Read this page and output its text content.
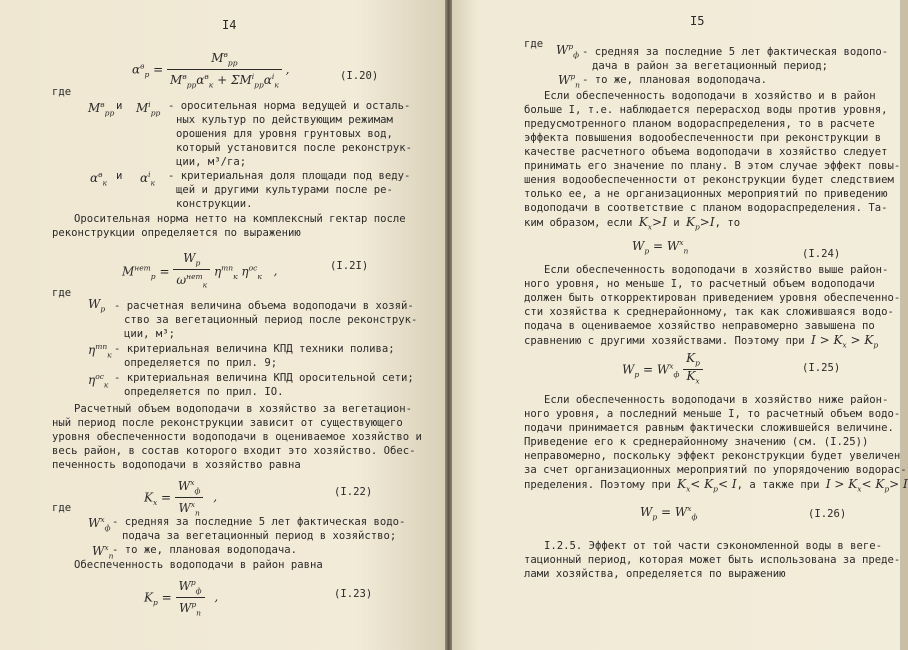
I4
$\alpha^в_р = \frac{M^в_{рр}}{M^в_{рр}\alpha^в_к + \Sigma M^i_{рр}\alpha^i_к}$ ,	(I.20)
где
$M^в_{рр}$
и $M^i_{рр}$
- оросительная норма ведущей и осталь-
ных культур по действующим режимам
орошения для уровня грунтовых вод,
который установится после реконструк-
ции, м³/га;
$\alpha^в_к$
и $\alpha^i_к$
- критериальная доля площади под веду-
щей и другими культурами после ре-
конструкции.
Оросительная норма нетто на комплексный гектар после
реконструкции определяется по выражению
$M^{нет}_р = \frac{W_р}{\omega^{нет}_к} \eta^{тп}_к$ $\eta^{ос}_к$ ,	(I.2I)
где
$W_р$ - расчетная величина объема водоподачи в хозяй-
ство за вегетационный период после реконструк-
ции, м³;
$\eta^{тп}_к$ - критериальная величина КПД техники полива;
определяется по прил. 9;
$\eta^{ос}_к$
- критериальная величина КПД оросительной сети;
определяется по прил. IO.
Расчетный объем водоподачи в хозяйство за вегетацион-
ный период после реконструкции зависит от существующего
уровня обеспеченности водоподачи в оцениваемое хозяйство и
весь район, в состав которого входит это хозяйство. Обес-
печенность водоподачи в хозяйство равна
$K_х = \frac{W^х_ф}{W^х_п}$ ,	(I.22)
где
$W^х_ф$ - средняя за последние 5 лет фактическая водо-
подача за вегетационный период в хозяйство;
$W^х_п$
- то же, плановая водоподача.
Обеспеченность водоподачи в район равна
$K_р = \frac{W^р_ф}{W^р_п}$ ,	(I.23)
I5
где $W^р_ф$ - средняя за последние 5 лет фактическая водопо-
дача в район за вегетационный период;
$W^р_п$ - то же, плановая водоподача.
Если обеспеченность водоподачи в хозяйство и в район
больше I, т.е. наблюдается перерасход воды против уровня,
предусмотренного планом водораспределения, то в расчете
эффекта повышения водообеспеченности при реконструкции в
качестве расчетного объема водоподачи в хозяйство следует
принимать его значение по плану. В этом случае эффект повы-
шения водообеспеченности от реконструкции будет следствием
только ее, а не организационных мероприятий по приведению
водоподачи в соответствие с планом водораспределения. Та-
ким образом, если $K_х>I$ и $K_р>I$, то
$W_р = W^х_п$	(I.24)
Если обеспеченность водоподачи в хозяйство выше район-
ного уровня, но меньше I, то расчетный объем водоподачи
должен быть откорректирован приведением уровня обеспеченно-
сти хозяйства к среднерайонному, так как сложившаяся водо-
подача в оцениваемое хозяйство неправомерно завышена по
сравнению с другими хозяйствами. Поэтому при $I > K_х > K_р$
$W_р = W^х_ф \frac{K_р}{K_х}$	(I.25)
Если обеспеченность водоподачи в хозяйство ниже район-
ного уровня, а последний меньше I, то расчетный объем водо-
подачи принимается равным фактически сложившейся величине.
Приведение его к среднерайонному значению (см. (I.25))
неправомерно, поскольку эффект реконструкции будет увеличен
за счет организационных мероприятий по упорядочению водорас-
пределения. Поэтому при $K_х< K_р< I$, а также при $I > K_х< K_р> I$
$W_р = W^х_ф$	(I.26)
I.2.5. Эффект от той части сэкономленной воды в веге-
тационный период, которая может быть использована за преде-
лами хозяйства, определяется по выражению
